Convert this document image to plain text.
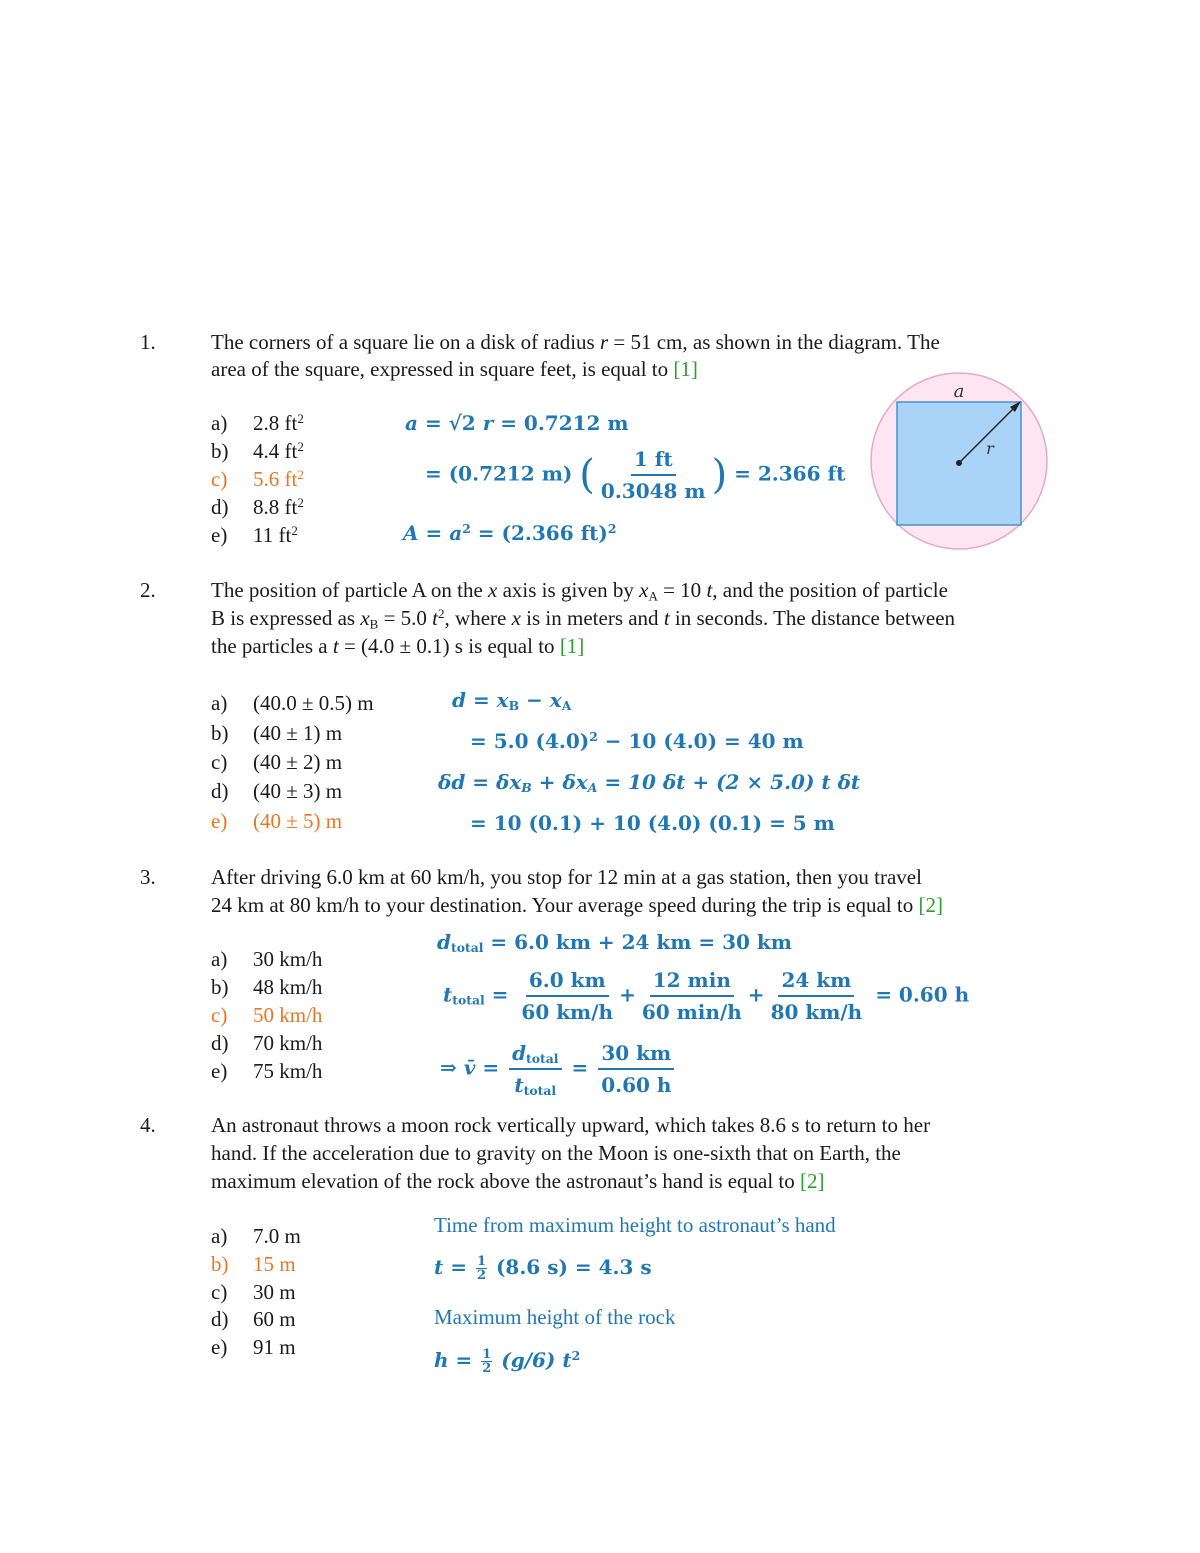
1.	The corners of a square lie on a disk of radius r = 51 cm, as shown in the diagram. The
area of the square, expressed in square feet, is equal to [1]
a) 2.8 $ft^2$
b) 4.4 $ft^2$
c) 5.6 $ft^2$
d) 8.8 $ft^2$
e) 11 $ft^2$
a = √2 r = 0.7212 m
= (0.7212 m) ( $\frac{1 ft}{0.3048 m}$ ) = 2.366 ft
$A = a^2 = (2.366$ ft)$^2$
a
r
2.	The position of particle A on the x axis is given by $x_A = 10$ t, and the position of particle
B is expressed as $x_B = 5.0$ $t^2$, where x is in meters and t in seconds. The distance between
the particles a t = (4.0 ± 0.1) s is equal to [1]
a) (40.0 ± 0.5) m
b) (40 ± 1) m
c) (40 ± 2) m
d) (40 ± 3) m
e) (40 ± 5) m
$d = x_B - x_A$
= 5.0 $(4.0)^2 - 10$ (4.0) = 40 m
$\delta d = \delta x_B + \delta x_A = 10$ δt + (2 × 5.0) t δt
= 10 (0.1) + 10 (4.0) (0.1) = 5 m
3.	After driving 6.0 km at 60 km/h, you stop for 12 min at a gas station, then you travel
24 km at 80 km/h to your destination. Your average speed during the trip is equal to [2]
a) 30 km/h
b) 48 km/h
c) 50 km/h
d) 70 km/h
e) 75 km/h
$d_{total} = 6.0$ km + 24 km = 30 km
$t_{total} = \frac{6.0 km}{60 km/h} + \frac{12 \min}{60 \min/h} + \frac{24 km}{80 km/h} = 0.60$ h
⇒ v̄ = $\frac{d_{total}}{t_{total}} = \frac{30 km}{0.60 h}$
4.	An astronaut throws a moon rock vertically upward, which takes 8.6 s to return to her
hand. If the acceleration due to gravity on the Moon is one-sixth that on Earth, the
maximum elevation of the rock above the astronaut’s hand is equal to [2]
a) 7.0 m
b) 15 m
c) 30 m
d) 60 m
e) 91 m
Time from maximum height to astronaut’s hand
$t = \frac{1}{2} (8.6$ s) = 4.3 s
Maximum height of the rock
$h = \frac{1}{2} (g/6)$ $t^2$
